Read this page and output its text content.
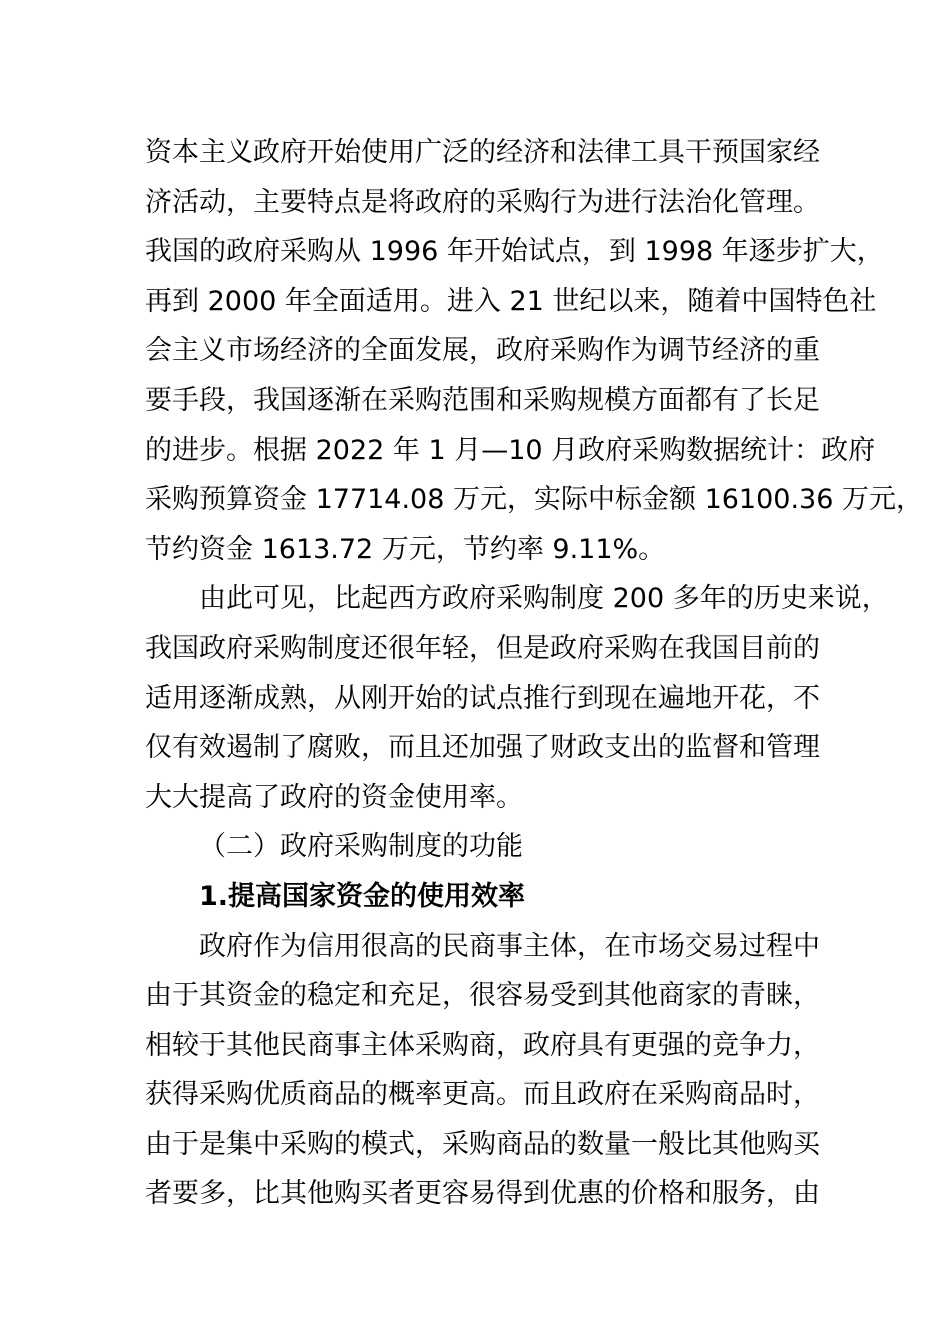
资本主义政府开始使用广泛的经济和法律工具干预国家经
济活动，主要特点是将政府的采购行为进行法治化管理。
我国的政府采购从 1996 年开始试点，到 1998 年逐步扩大，
再到 2000 年全面适用。进入 21 世纪以来，随着中国特色社
会主义市场经济的全面发展，政府采购作为调节经济的重
要手段，我国逐渐在采购范围和采购规模方面都有了长足
的进步。根据 2022 年 1 月—10 月政府采购数据统计：政府
采购预算资金 17714.08 万元，实际中标金额 16100.36 万元，
节约资金 1613.72 万元，节约率 9.11%。
由此可见，比起西方政府采购制度 200 多年的历史来说，
我国政府采购制度还很年轻，但是政府采购在我国目前的
适用逐渐成熟，从刚开始的试点推行到现在遍地开花，不
仅有效遏制了腐败，而且还加强了财政支出的监督和管理
大大提高了政府的资金使用率。
（二）政府采购制度的功能
1.提高国家资金的使用效率
政府作为信用很高的民商事主体，在市场交易过程中
由于其资金的稳定和充足，很容易受到其他商家的青睐，
相较于其他民商事主体采购商，政府具有更强的竞争力，
获得采购优质商品的概率更高。而且政府在采购商品时，
由于是集中采购的模式，采购商品的数量一般比其他购买
者要多，比其他购买者更容易得到优惠的价格和服务，由
